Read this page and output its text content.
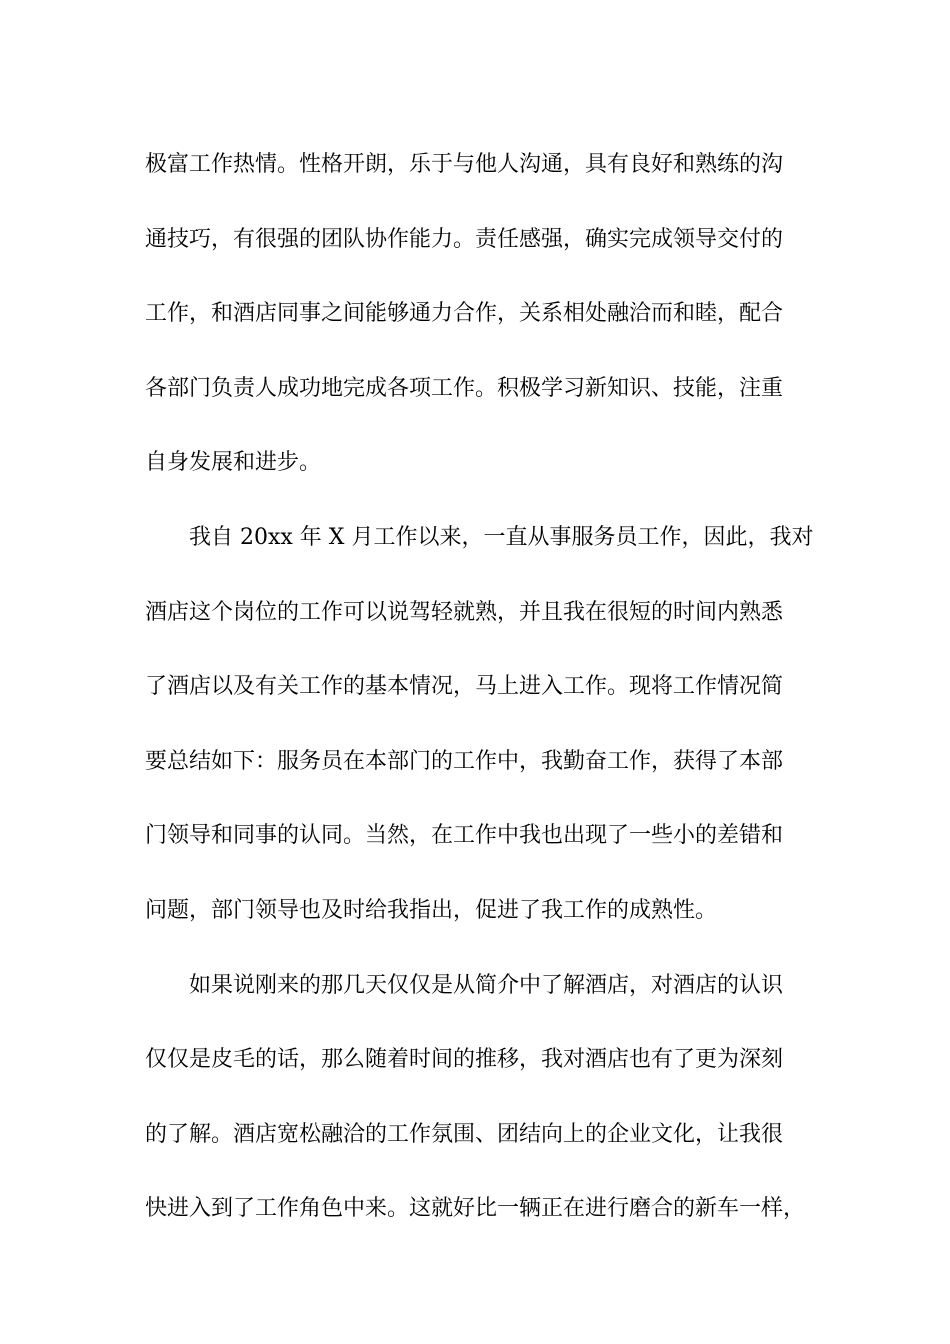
极富工作热情。性格开朗，乐于与他人沟通，具有良好和熟练的沟
通技巧，有很强的团队协作能力。责任感强，确实完成领导交付的
工作，和酒店同事之间能够通力合作，关系相处融洽而和睦，配合
各部门负责人成功地完成各项工作。积极学习新知识、技能，注重
自身发展和进步。
我自 20xx 年 X 月工作以来，一直从事服务员工作，因此，我对
酒店这个岗位的工作可以说驾轻就熟，并且我在很短的时间内熟悉
了酒店以及有关工作的基本情况，马上进入工作。现将工作情况简
要总结如下：服务员在本部门的工作中，我勤奋工作，获得了本部
门领导和同事的认同。当然，在工作中我也出现了一些小的差错和
问题，部门领导也及时给我指出，促进了我工作的成熟性。
如果说刚来的那几天仅仅是从简介中了解酒店，对酒店的认识
仅仅是皮毛的话，那么随着时间的推移，我对酒店也有了更为深刻
的了解。酒店宽松融洽的工作氛围、团结向上的企业文化，让我很
快进入到了工作角色中来。这就好比一辆正在进行磨合的新车一样，
